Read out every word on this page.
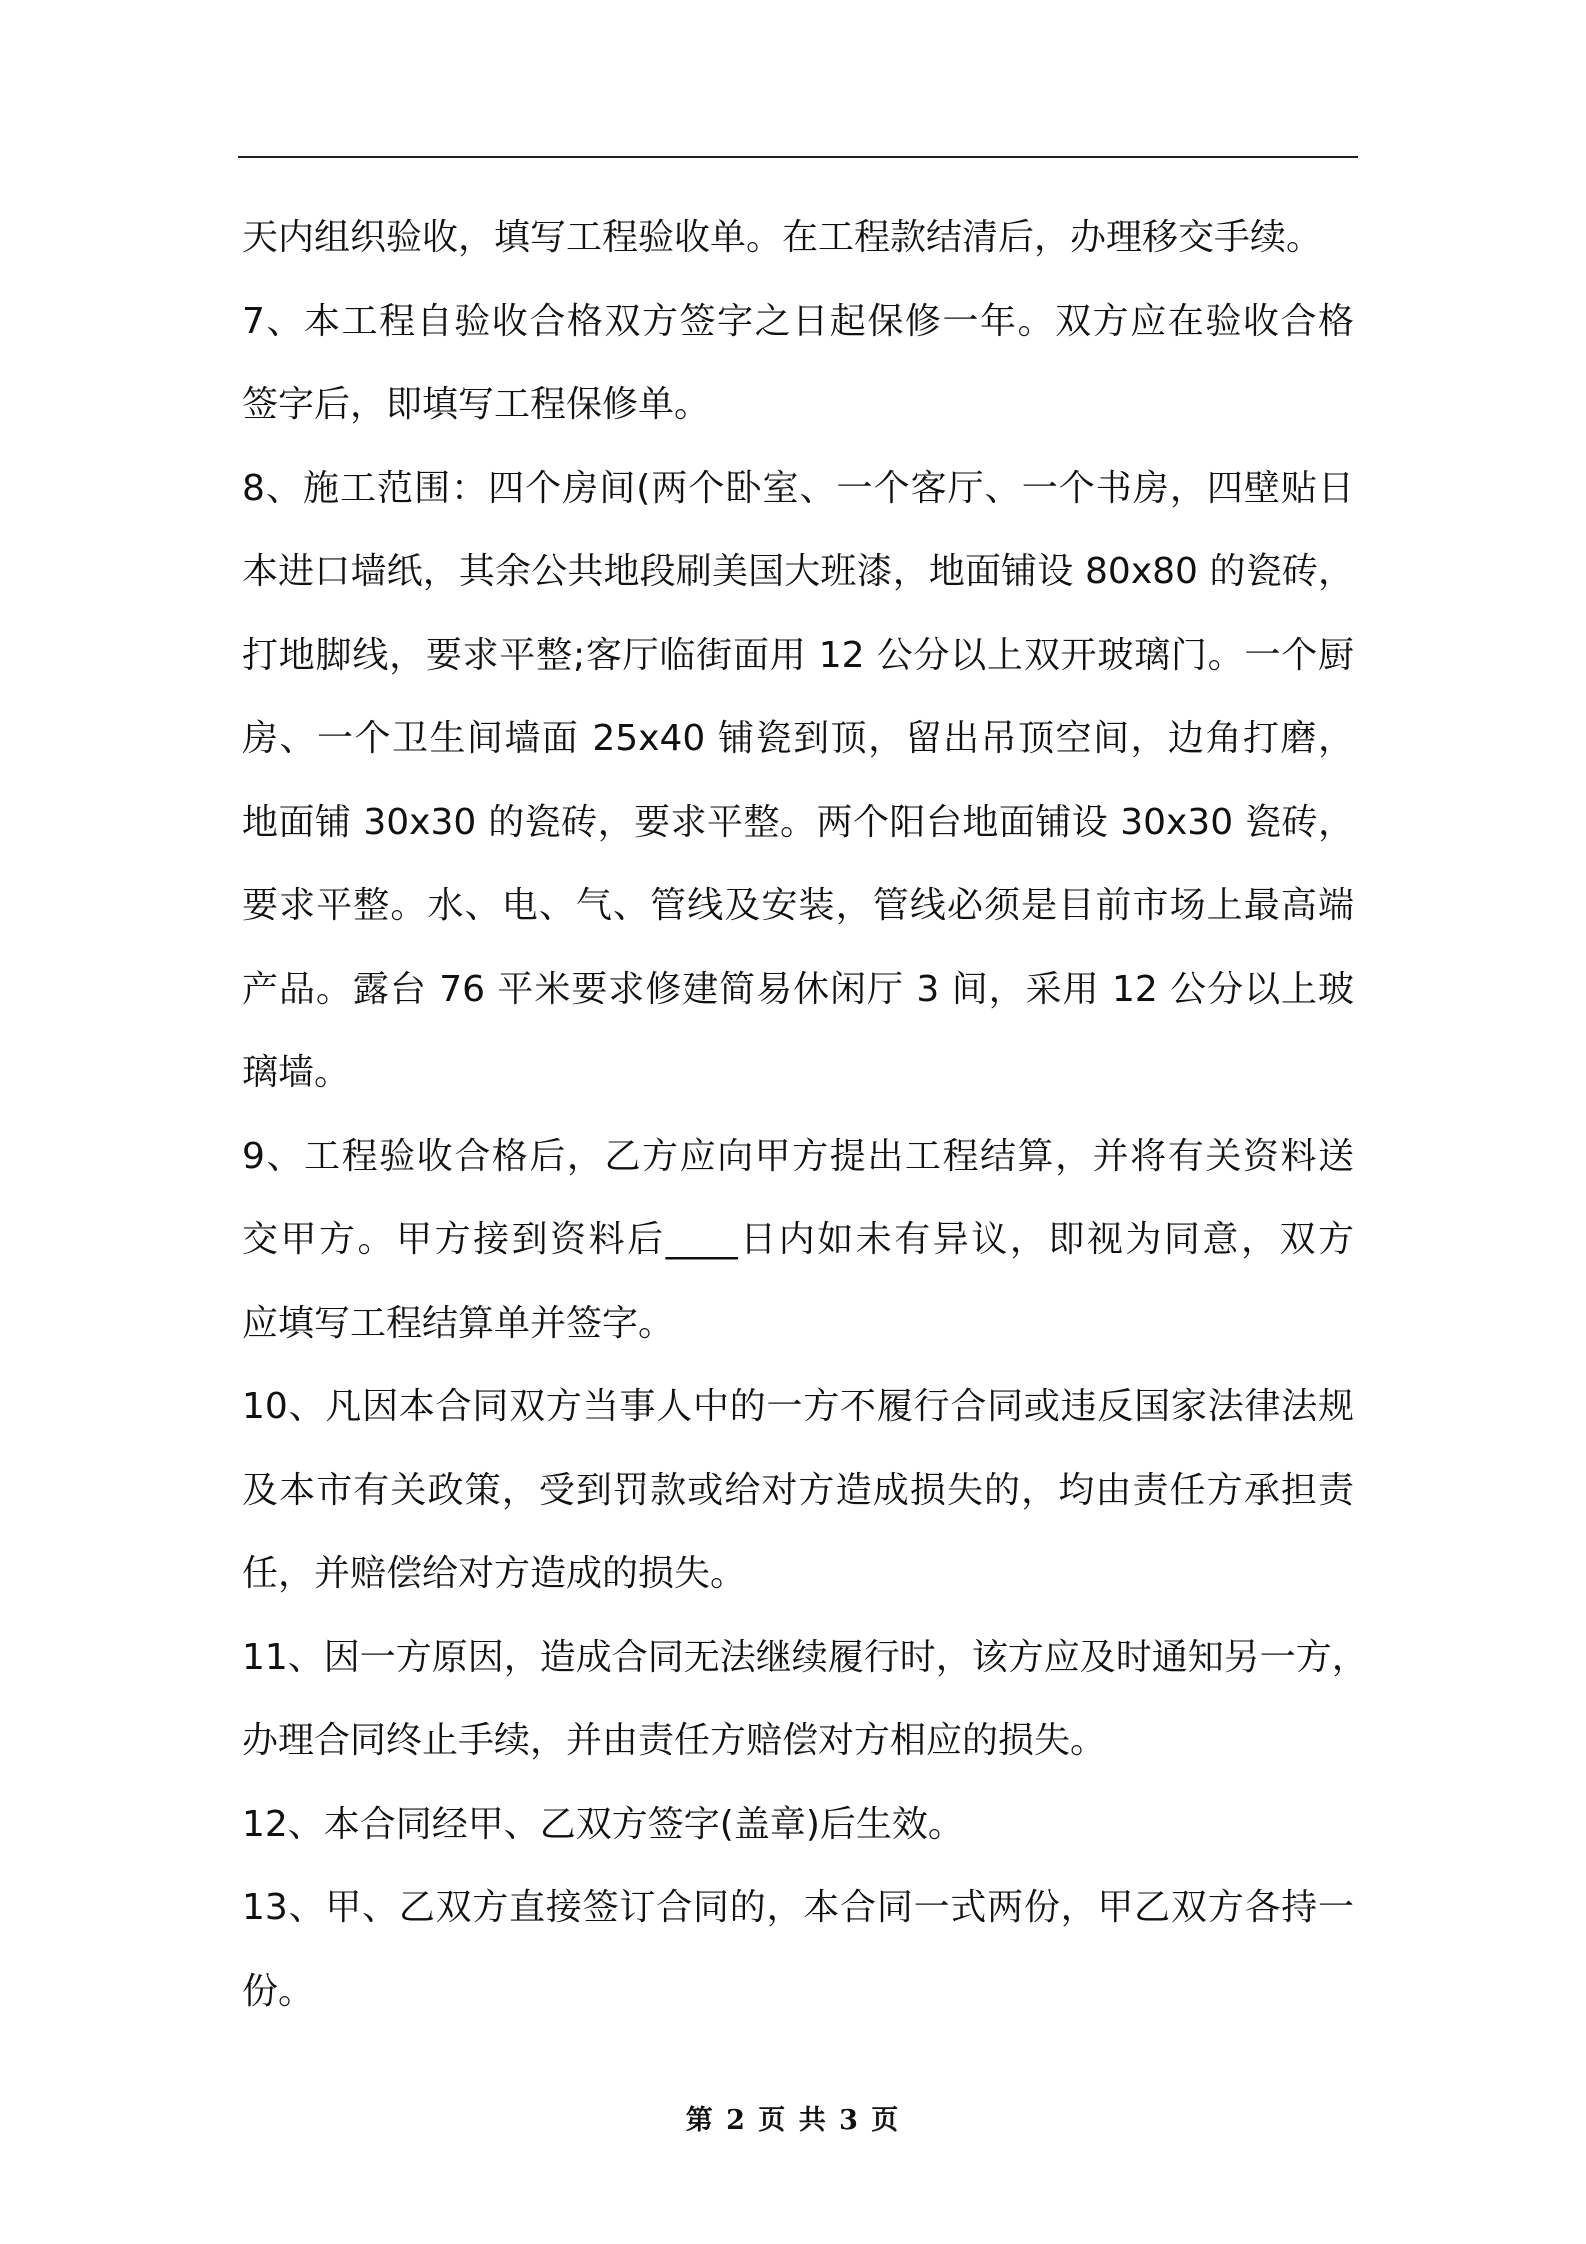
天内组织验收，填写工程验收单。在工程款结清后，办理移交手续。
7、本工程自验收合格双方签字之日起保修一年。双方应在验收合格
签字后，即填写工程保修单。
8、施工范围：四个房间(两个卧室、一个客厅、一个书房，四壁贴日
本进口墙纸，其余公共地段刷美国大班漆，地面铺设 80x80 的瓷砖，
打地脚线，要求平整;客厅临街面用 12 公分以上双开玻璃门。一个厨
房、一个卫生间墙面 25x40 铺瓷到顶，留出吊顶空间，边角打磨，
地面铺 30x30 的瓷砖，要求平整。两个阳台地面铺设 30x30 瓷砖，
要求平整。水、电、气、管线及安装，管线必须是目前市场上最高端
产品。露台 76 平米要求修建简易休闲厅 3 间，采用 12 公分以上玻
璃墙。
9、工程验收合格后，乙方应向甲方提出工程结算，并将有关资料送
交甲方。甲方接到资料后____日内如未有异议，即视为同意，双方
应填写工程结算单并签字。
10、凡因本合同双方当事人中的一方不履行合同或违反国家法律法规
及本市有关政策，受到罚款或给对方造成损失的，均由责任方承担责
任，并赔偿给对方造成的损失。
11、因一方原因，造成合同无法继续履行时，该方应及时通知另一方，
办理合同终止手续，并由责任方赔偿对方相应的损失。
12、本合同经甲、乙双方签字(盖章)后生效。
13、甲、乙双方直接签订合同的，本合同一式两份，甲乙双方各持一
份。
第 2 页 共 3 页
